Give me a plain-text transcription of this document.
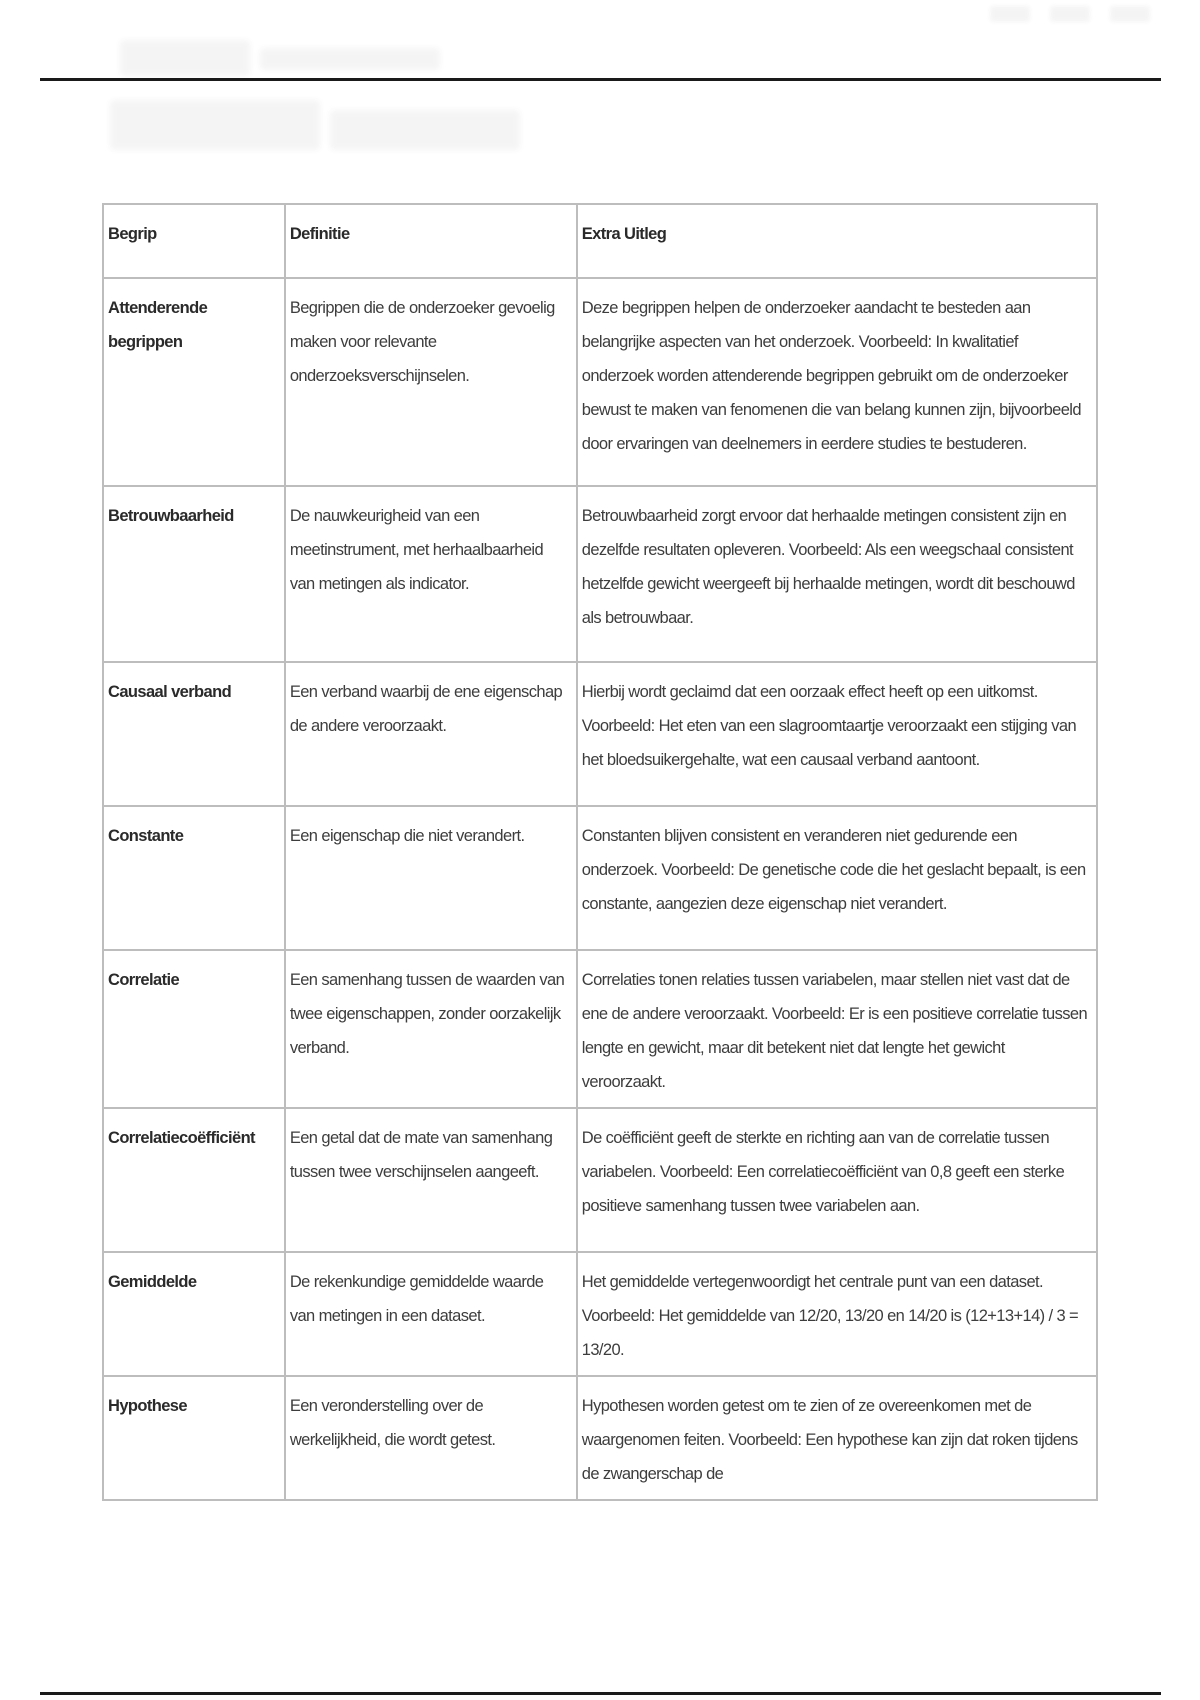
Begrip	Definitie	Extra Uitleg
Attenderende begrippen	Begrippen die de onderzoeker gevoelig maken voor relevante onderzoeksverschijnselen.	Deze begrippen helpen de onderzoeker aandacht te besteden aan belangrijke aspecten van het onderzoek. Voorbeeld: In kwalitatief onderzoek worden attenderende begrippen gebruikt om de onderzoeker bewust te maken van fenomenen die van belang kunnen zijn, bijvoorbeeld door ervaringen van deelnemers in eerdere studies te bestuderen.
Betrouwbaarheid	De nauwkeurigheid van een meetinstrument, met herhaalbaarheid van metingen als indicator.	Betrouwbaarheid zorgt ervoor dat herhaalde metingen consistent zijn en dezelfde resultaten opleveren. Voorbeeld: Als een weegschaal consistent hetzelfde gewicht weergeeft bij herhaalde metingen, wordt dit beschouwd als betrouwbaar.
Causaal verband	Een verband waarbij de ene eigenschap de andere veroorzaakt.	Hierbij wordt geclaimd dat een oorzaak effect heeft op een uitkomst. Voorbeeld: Het eten van een slagroomtaartje veroorzaakt een stijging van het bloedsuikergehalte, wat een causaal verband aantoont.
Constante	Een eigenschap die niet verandert.	Constanten blijven consistent en veranderen niet gedurende een onderzoek. Voorbeeld: De genetische code die het geslacht bepaalt, is een constante, aangezien deze eigenschap niet verandert.
Correlatie	Een samenhang tussen de waarden van twee eigenschappen, zonder oorzakelijk verband.	Correlaties tonen relaties tussen variabelen, maar stellen niet vast dat de ene de andere veroorzaakt. Voorbeeld: Er is een positieve correlatie tussen lengte en gewicht, maar dit betekent niet dat lengte het gewicht veroorzaakt.
Correlatiecoëfficiënt	Een getal dat de mate van samenhang tussen twee verschijnselen aangeeft.	De coëfficiënt geeft de sterkte en richting aan van de correlatie tussen variabelen. Voorbeeld: Een correlatiecoëfficiënt van 0,8 geeft een sterke positieve samenhang tussen twee variabelen aan.
Gemiddelde	De rekenkundige gemiddelde waarde van metingen in een dataset.	Het gemiddelde vertegenwoordigt het centrale punt van een dataset. Voorbeeld: Het gemiddelde van 12/20, 13/20 en 14/20 is (12+13+14) / 3 = 13/20.
Hypothese	Een veronderstelling over de werkelijkheid, die wordt getest.	Hypothesen worden getest om te zien of ze overeenkomen met de waargenomen feiten. Voorbeeld: Een hypothese kan zijn dat roken tijdens de zwangerschap de
